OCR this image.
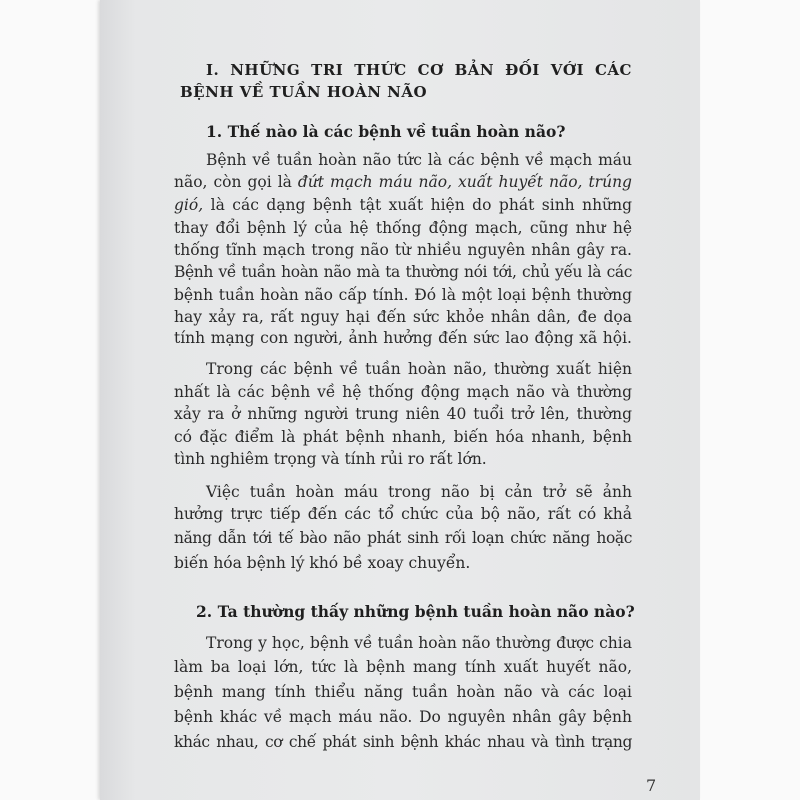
I. NHỮNG TRI THỨC CƠ BẢN ĐỐI VỚI CÁC
BỆNH VỀ TUẦN HOÀN NÃO
1. Thế nào là các bệnh về tuần hoàn não?
Bệnh về tuần hoàn não tức là các bệnh về mạch máu
não, còn gọi là đứt mạch máu não, xuất huyết não, trúng
gió, là các dạng bệnh tật xuất hiện do phát sinh những
thay đổi bệnh lý của hệ thống động mạch, cũng như hệ
thống tĩnh mạch trong não từ nhiều nguyên nhân gây ra.
Bệnh về tuần hoàn não mà ta thường nói tới, chủ yếu là các
bệnh tuần hoàn não cấp tính. Đó là một loại bệnh thường
hay xảy ra, rất nguy hại đến sức khỏe nhân dân, đe dọa
tính mạng con người, ảnh hưởng đến sức lao động xã hội.
Trong các bệnh về tuần hoàn não, thường xuất hiện
nhất là các bệnh về hệ thống động mạch não và thường
xảy ra ở những người trung niên 40 tuổi trở lên, thường
có đặc điểm là phát bệnh nhanh, biến hóa nhanh, bệnh
tình nghiêm trọng và tính rủi ro rất lớn.
Việc tuần hoàn máu trong não bị cản trở sẽ ảnh
hưởng trực tiếp đến các tổ chức của bộ não, rất có khả
năng dẫn tới tế bào não phát sinh rối loạn chức năng hoặc
biến hóa bệnh lý khó bề xoay chuyển.
2. Ta thường thấy những bệnh tuần hoàn não nào?
Trong y học, bệnh về tuần hoàn não thường được chia
làm ba loại lớn, tức là bệnh mang tính xuất huyết não,
bệnh mang tính thiểu năng tuần hoàn não và các loại
bệnh khác về mạch máu não. Do nguyên nhân gây bệnh
khác nhau, cơ chế phát sinh bệnh khác nhau và tình trạng
7
